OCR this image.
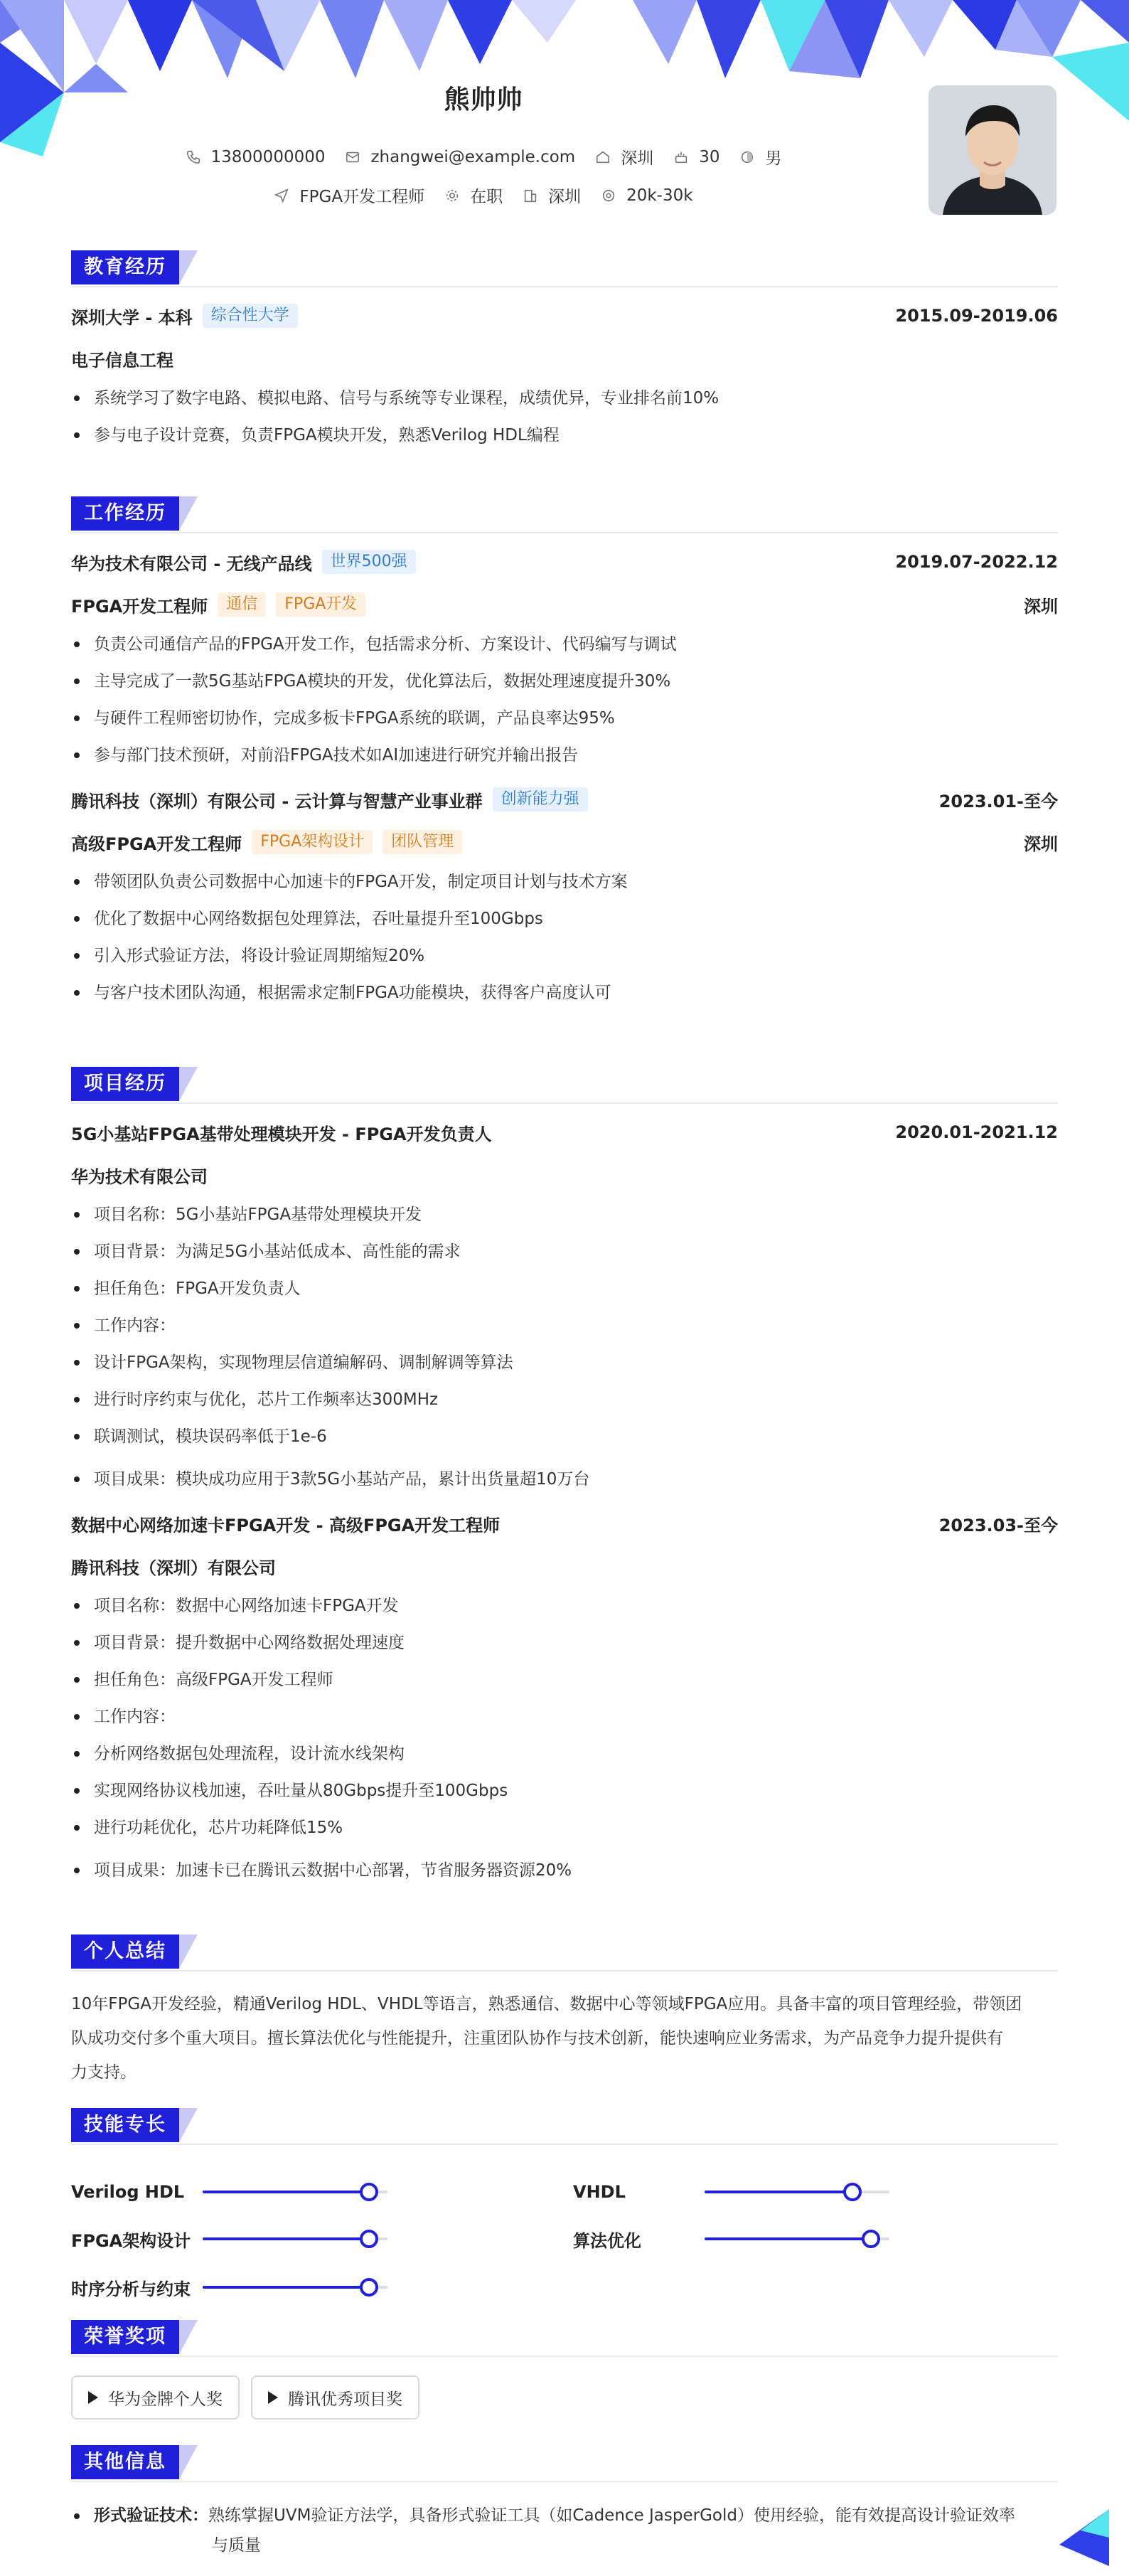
熊帅帅
13800000000	zhangwei@example.com	深圳	30	男
FPGA开发工程师	在职	深圳	20k-30k
教育经历
深圳大学 - 本科	综合性大学	2015.09-2019.06
电子信息工程
系统学习了数字电路、模拟电路、信号与系统等专业课程，成绩优异，专业排名前10%
参与电子设计竞赛，负责FPGA模块开发，熟悉Verilog HDL编程
工作经历
华为技术有限公司 - 无线产品线	世界500强	2019.07-2022.12
FPGA开发工程师	通信	FPGA开发	深圳
负责公司通信产品的FPGA开发工作，包括需求分析、方案设计、代码编写与调试
主导完成了一款5G基站FPGA模块的开发，优化算法后，数据处理速度提升30%
与硬件工程师密切协作，完成多板卡FPGA系统的联调，产品良率达95%
参与部门技术预研，对前沿FPGA技术如AI加速进行研究并输出报告
腾讯科技（深圳）有限公司 - 云计算与智慧产业事业群	创新能力强	2023.01-至今
高级FPGA开发工程师	FPGA架构设计	团队管理	深圳
带领团队负责公司数据中心加速卡的FPGA开发，制定项目计划与技术方案
优化了数据中心网络数据包处理算法，吞吐量提升至100Gbps
引入形式验证方法，将设计验证周期缩短20%
与客户技术团队沟通，根据需求定制FPGA功能模块，获得客户高度认可
项目经历
5G小基站FPGA基带处理模块开发 - FPGA开发负责人	2020.01-2021.12
华为技术有限公司
项目名称：5G小基站FPGA基带处理模块开发
项目背景：为满足5G小基站低成本、高性能的需求
担任角色：FPGA开发负责人
工作内容：
设计FPGA架构，实现物理层信道编解码、调制解调等算法
进行时序约束与优化，芯片工作频率达300MHz
联调测试，模块误码率低于1e-6
项目成果：模块成功应用于3款5G小基站产品，累计出货量超10万台
数据中心网络加速卡FPGA开发 - 高级FPGA开发工程师	2023.03-至今
腾讯科技（深圳）有限公司
项目名称：数据中心网络加速卡FPGA开发
项目背景：提升数据中心网络数据处理速度
担任角色：高级FPGA开发工程师
工作内容：
分析网络数据包处理流程，设计流水线架构
实现网络协议栈加速，吞吐量从80Gbps提升至100Gbps
进行功耗优化，芯片功耗降低15%
项目成果：加速卡已在腾讯云数据中心部署，节省服务器资源20%
个人总结
10年FPGA开发经验，精通Verilog HDL、VHDL等语言，熟悉通信、数据中心等领域FPGA应用。具备丰富的项目管理经验，带领团
队成功交付多个重大项目。擅长算法优化与性能提升，注重团队协作与技术创新，能快速响应业务需求，为产品竞争力提升提供有
力支持。
技能专长
Verilog HDL	VHDL
FPGA架构设计	算法优化
时序分析与约束
荣誉奖项
华为金牌个人奖	腾讯优秀项目奖
其他信息
形式验证技术：熟练掌握UVM验证方法学，具备形式验证工具（如Cadence JasperGold）使用经验，能有效提高设计验证效率
与质量
